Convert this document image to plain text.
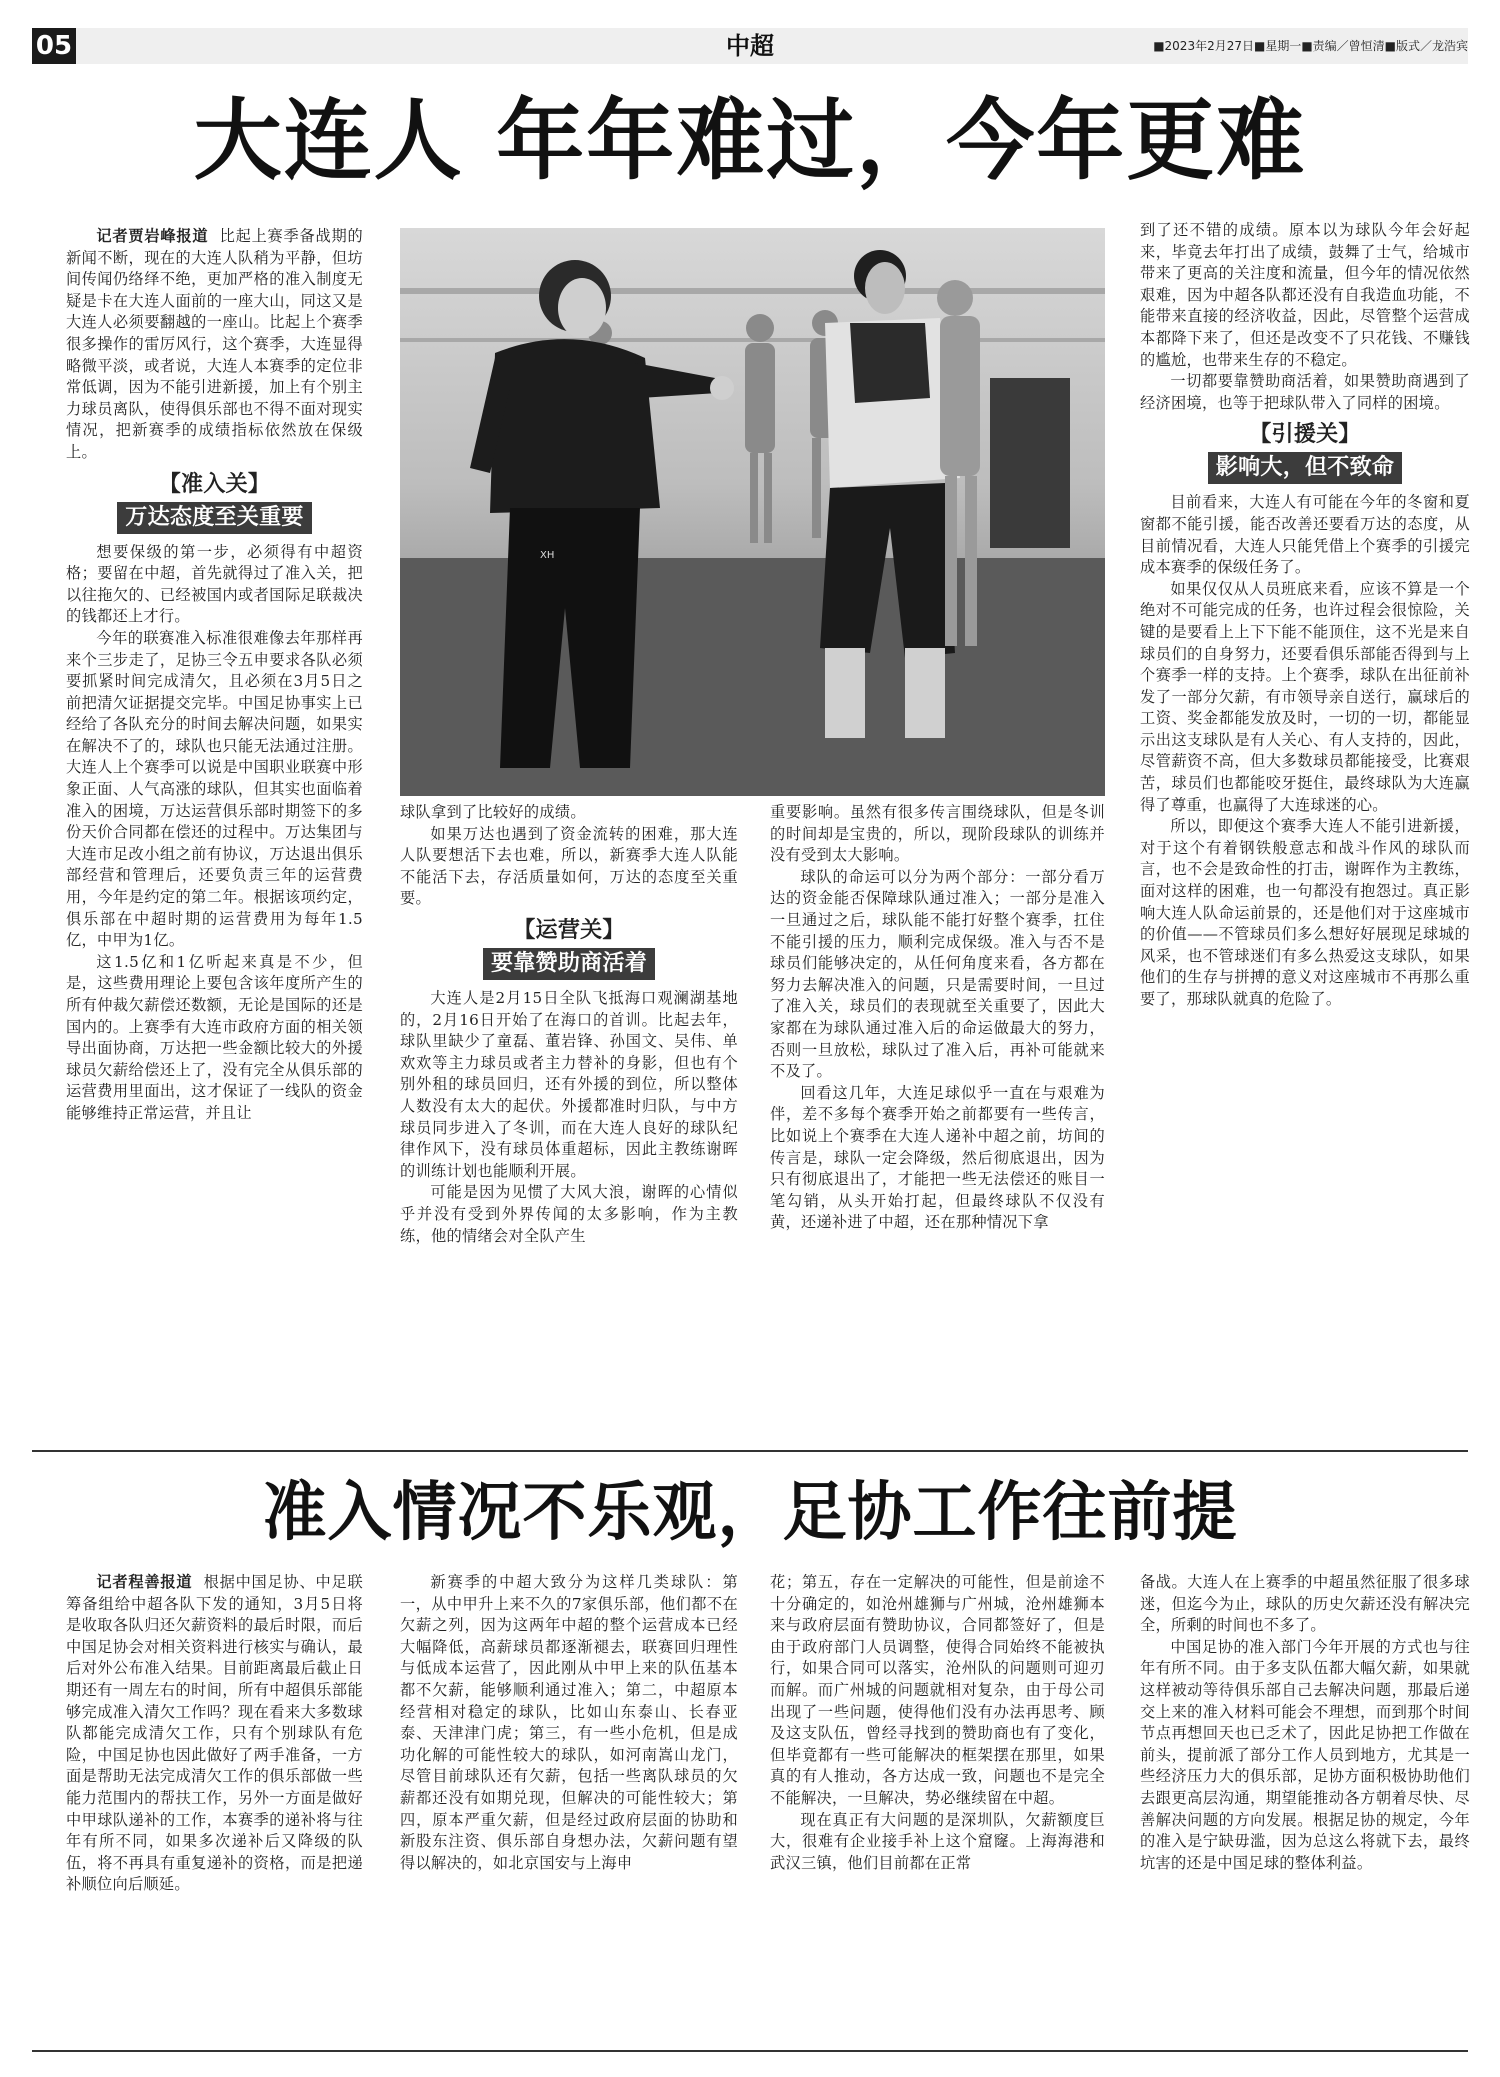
05	中超	■2023年2月27日■星期一■责编／曾恒清■版式／龙浩宾
大连人 年年难过，今年更难

记者贾岩峰报道 比起上赛季备战期的新闻不断，现在的大连人队稍为平静，但坊间传闻仍络绎不绝，更加严格的准入制度无疑是卡在大连人面前的一座大山，同这又是大连人必须要翻越的一座山。比起上个赛季很多操作的雷厉风行，这个赛季，大连显得略微平淡，或者说，大连人本赛季的定位非常低调，因为不能引进新援，加上有个别主力球员离队，使得俱乐部也不得不面对现实情况，把新赛季的成绩指标依然放在保级上。

【准入关】
万达态度至关重要

想要保级的第一步，必须得有中超资格；要留在中超，首先就得过了准入关，把以往拖欠的、已经被国内或者国际足联裁决的钱都还上才行。

今年的联赛准入标准很难像去年那样再来个三步走了，足协三令五申要求各队必须要抓紧时间完成清欠，且必须在3月5日之前把清欠证据提交完毕。中国足协事实上已经给了各队充分的时间去解决问题，如果实在解决不了的，球队也只能无法通过注册。大连人上个赛季可以说是中国职业联赛中形象正面、人气高涨的球队，但其实也面临着准入的困境，万达运营俱乐部时期签下的多份天价合同都在偿还的过程中。万达集团与大连市足改小组之前有协议，万达退出俱乐部经营和管理后，还要负责三年的运营费用，今年是约定的第二年。根据该项约定，俱乐部在中超时期的运营费用为每年1.5亿，中甲为1亿。

这1.5亿和1亿听起来真是不少，但是，这些费用理论上要包含该年度所产生的所有仲裁欠薪偿还数额，无论是国际的还是国内的。上赛季有大连市政府方面的相关领导出面协商，万达把一些金额比较大的外援球员欠薪给偿还上了，没有完全从俱乐部的运营费用里面出，这才保证了一线队的资金能够维持正常运营，并且让

XH

球队拿到了比较好的成绩。

如果万达也遇到了资金流转的困难，那大连人队要想活下去也难，所以，新赛季大连人队能不能活下去，存活质量如何，万达的态度至关重要。

【运营关】
要靠赞助商活着

大连人是2月15日全队飞抵海口观澜湖基地的，2月16日开始了在海口的首训。比起去年，球队里缺少了童磊、董岩锋、孙国文、吴伟、单欢欢等主力球员或者主力替补的身影，但也有个别外租的球员回归，还有外援的到位，所以整体人数没有太大的起伏。外援都准时归队，与中方球员同步进入了冬训，而在大连人良好的球队纪律作风下，没有球员体重超标，因此主教练谢晖的训练计划也能顺利开展。

可能是因为见惯了大风大浪，谢晖的心情似乎并没有受到外界传闻的太多影响，作为主教练，他的情绪会对全队产生

重要影响。虽然有很多传言围绕球队，但是冬训的时间却是宝贵的，所以，现阶段球队的训练并没有受到太大影响。

球队的命运可以分为两个部分：一部分看万达的资金能否保障球队通过准入；一部分是准入一旦通过之后，球队能不能打好整个赛季，扛住不能引援的压力，顺利完成保级。准入与否不是球员们能够决定的，从任何角度来看，各方都在努力去解决准入的问题，只是需要时间，一旦过了准入关，球员们的表现就至关重要了，因此大家都在为球队通过准入后的命运做最大的努力，否则一旦放松，球队过了准入后，再补可能就来不及了。

回看这几年，大连足球似乎一直在与艰难为伴，差不多每个赛季开始之前都要有一些传言，比如说上个赛季在大连人递补中超之前，坊间的传言是，球队一定会降级，然后彻底退出，因为只有彻底退出了，才能把一些无法偿还的账目一笔勾销，从头开始打起，但最终球队不仅没有黄，还递补进了中超，还在那种情况下拿

到了还不错的成绩。原本以为球队今年会好起来，毕竟去年打出了成绩，鼓舞了士气，给城市带来了更高的关注度和流量，但今年的情况依然艰难，因为中超各队都还没有自我造血功能，不能带来直接的经济收益，因此，尽管整个运营成本都降下来了，但还是改变不了只花钱、不赚钱的尴尬，也带来生存的不稳定。

一切都要靠赞助商活着，如果赞助商遇到了经济困境，也等于把球队带入了同样的困境。

【引援关】
影响大，但不致命

目前看来，大连人有可能在今年的冬窗和夏窗都不能引援，能否改善还要看万达的态度，从目前情况看，大连人只能凭借上个赛季的引援完成本赛季的保级任务了。

如果仅仅从人员班底来看，应该不算是一个绝对不可能完成的任务，也许过程会很惊险，关键的是要看上上下下能不能顶住，这不光是来自球员们的自身努力，还要看俱乐部能否得到与上个赛季一样的支持。上个赛季，球队在出征前补发了一部分欠薪，有市领导亲自送行，赢球后的工资、奖金都能发放及时，一切的一切，都能显示出这支球队是有人关心、有人支持的，因此，尽管薪资不高，但大多数球员都能接受，比赛艰苦，球员们也都能咬牙挺住，最终球队为大连赢得了尊重，也赢得了大连球迷的心。

所以，即便这个赛季大连人不能引进新援，对于这个有着钢铁般意志和战斗作风的球队而言，也不会是致命性的打击，谢晖作为主教练，面对这样的困难，也一句都没有抱怨过。真正影响大连人队命运前景的，还是他们对于这座城市的价值——不管球员们多么想好好展现足球城的风采，也不管球迷们有多么热爱这支球队，如果他们的生存与拼搏的意义对这座城市不再那么重要了，那球队就真的危险了。

准入情况不乐观，足协工作往前提

记者程善报道 根据中国足协、中足联筹备组给中超各队下发的通知，3月5日将是收取各队归还欠薪资料的最后时限，而后中国足协会对相关资料进行核实与确认，最后对外公布准入结果。目前距离最后截止日期还有一周左右的时间，所有中超俱乐部能够完成准入清欠工作吗？现在看来大多数球队都能完成清欠工作，只有个别球队有危险，中国足协也因此做好了两手准备，一方面是帮助无法完成清欠工作的俱乐部做一些能力范围内的帮扶工作，另外一方面是做好中甲球队递补的工作，本赛季的递补将与往年有所不同，如果多次递补后又降级的队伍，将不再具有重复递补的资格，而是把递补顺位向后顺延。

新赛季的中超大致分为这样几类球队：第一，从中甲升上来不久的7家俱乐部，他们都不在欠薪之列，因为这两年中超的整个运营成本已经大幅降低，高薪球员都逐渐褪去，联赛回归理性与低成本运营了，因此刚从中甲上来的队伍基本都不欠薪，能够顺利通过准入；第二，中超原本经营相对稳定的球队，比如山东泰山、长春亚泰、天津津门虎；第三，有一些小危机，但是成功化解的可能性较大的球队，如河南嵩山龙门，尽管目前球队还有欠薪，包括一些离队球员的欠薪都还没有如期兑现，但解决的可能性较大；第四，原本严重欠薪，但是经过政府层面的协助和新股东注资、俱乐部自身想办法，欠薪问题有望得以解决的，如北京国安与上海申

花；第五，存在一定解决的可能性，但是前途不十分确定的，如沧州雄狮与广州城，沧州雄狮本来与政府层面有赞助协议，合同都签好了，但是由于政府部门人员调整，使得合同始终不能被执行，如果合同可以落实，沧州队的问题则可迎刃而解。而广州城的问题就相对复杂，由于母公司出现了一些问题，使得他们没有办法再思考、顾及这支队伍，曾经寻找到的赞助商也有了变化，但毕竟都有一些可能解决的框架摆在那里，如果真的有人推动，各方达成一致，问题也不是完全不能解决，一旦解决，势必继续留在中超。

现在真正有大问题的是深圳队，欠薪额度巨大，很难有企业接手补上这个窟窿。上海海港和武汉三镇，他们目前都在正常

备战。大连人在上赛季的中超虽然征服了很多球迷，但迄今为止，球队的历史欠薪还没有解决完全，所剩的时间也不多了。

中国足协的准入部门今年开展的方式也与往年有所不同。由于多支队伍都大幅欠薪，如果就这样被动等待俱乐部自己去解决问题，那最后递交上来的准入材料可能会不理想，而到那个时间节点再想回天也已乏术了，因此足协把工作做在前头，提前派了部分工作人员到地方，尤其是一些经济压力大的俱乐部，足协方面积极协助他们去跟更高层沟通，期望能推动各方朝着尽快、尽善解决问题的方向发展。根据足协的规定，今年的准入是宁缺毋滥，因为总这么将就下去，最终坑害的还是中国足球的整体利益。
